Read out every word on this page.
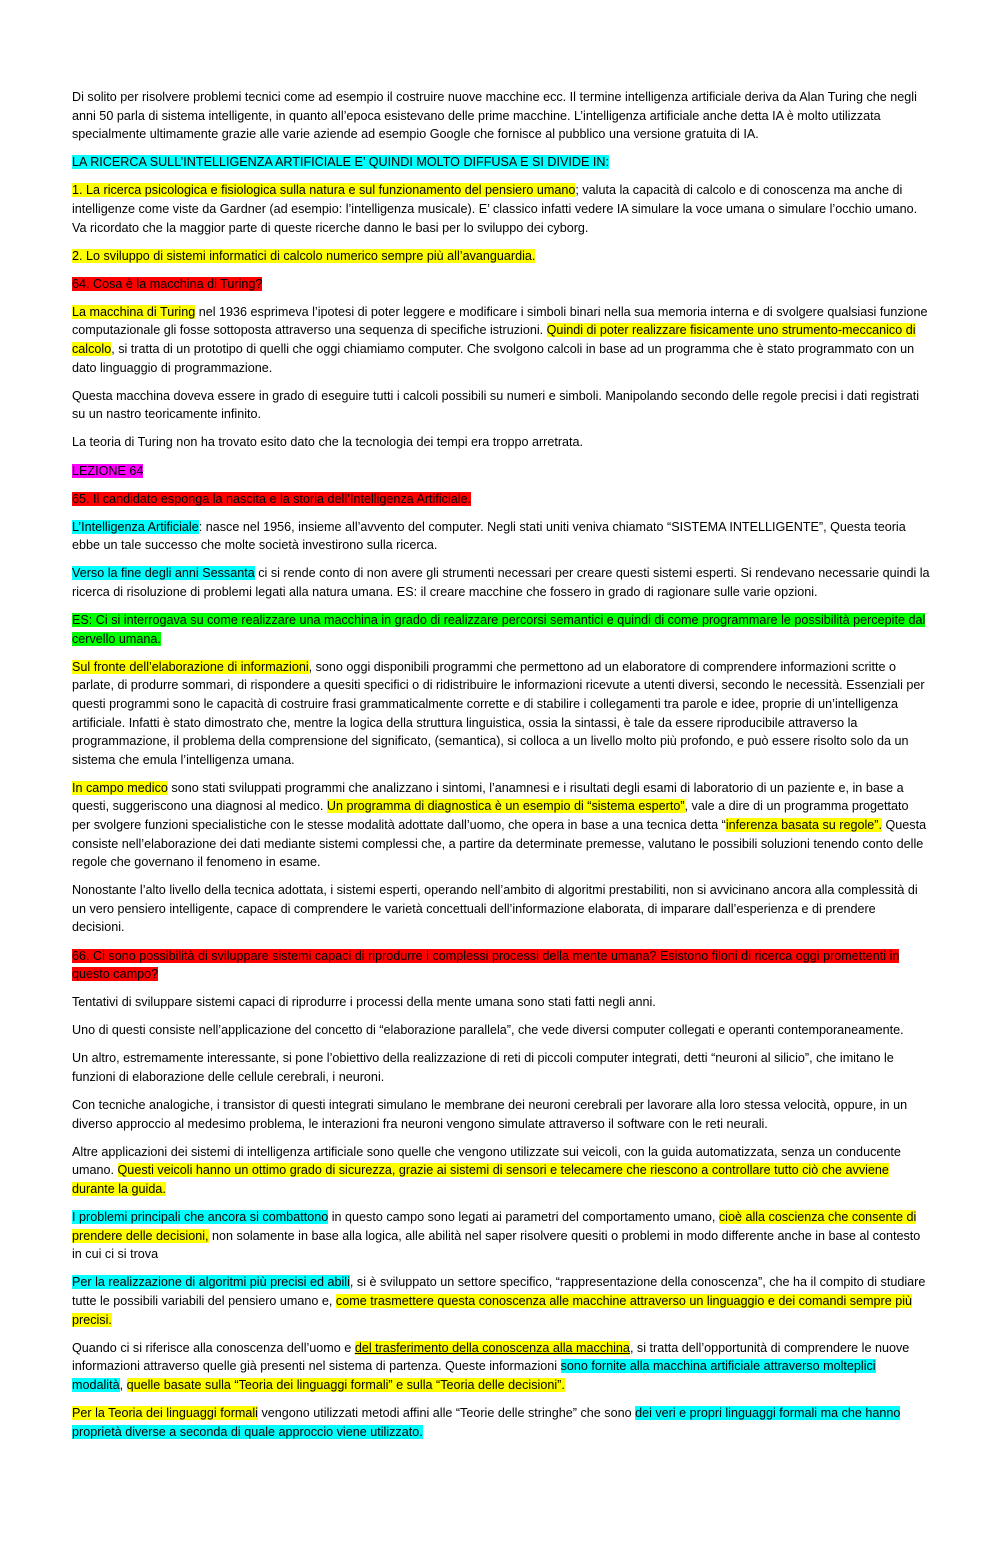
Di solito per risolvere problemi tecnici come ad esempio il costruire nuove macchine ecc. Il termine intelligenza artificiale deriva da Alan Turing che negli anni 50 parla di sistema intelligente, in quanto all’epoca esistevano delle prime macchine. L’intelligenza artificiale anche detta IA è molto utilizzata specialmente ultimamente grazie alle varie aziende ad esempio Google che fornisce al pubblico una versione gratuita di IA.

LA RICERCA SULL’INTELLIGENZA ARTIFICIALE E’ QUINDI MOLTO DIFFUSA E SI DIVIDE IN:

1. La ricerca psicologica e fisiologica sulla natura e sul funzionamento del pensiero umano; valuta la capacità di calcolo e di conoscenza ma anche di intelligenze come viste da Gardner (ad esempio: l’intelligenza musicale). E’ classico infatti vedere IA simulare la voce umana o simulare l’occhio umano. Va ricordato che la maggior parte di queste ricerche danno le basi per lo sviluppo dei cyborg.

2. Lo sviluppo di sistemi informatici di calcolo numerico sempre più all’avanguardia.

64. Cosa è la macchina di Turing?

La macchina di Turing nel 1936 esprimeva l’ipotesi di poter leggere e modificare i simboli binari nella sua memoria interna e di svolgere qualsiasi funzione computazionale gli fosse sottoposta attraverso una sequenza di specifiche istruzioni. Quindi di poter realizzare fisicamente uno strumento-meccanico di calcolo, si tratta di un prototipo di quelli che oggi chiamiamo computer. Che svolgono calcoli in base ad un programma che è stato programmato con un dato linguaggio di programmazione.

Questa macchina doveva essere in grado di eseguire tutti i calcoli possibili su numeri e simboli. Manipolando secondo delle regole precisi i dati registrati su un nastro teoricamente infinito.

La teoria di Turing non ha trovato esito dato che la tecnologia dei tempi era troppo arretrata.

LEZIONE 64

65. Il candidato esponga la nascita e la storia dell’Intelligenza Artificiale.

L’Intelligenza Artificiale: nasce nel 1956, insieme all’avvento del computer. Negli stati uniti veniva chiamato “SISTEMA INTELLIGENTE”, Questa teoria ebbe un tale successo che molte società investirono sulla ricerca.

Verso la fine degli anni Sessanta ci si rende conto di non avere gli strumenti necessari per creare questi sistemi esperti. Si rendevano necessarie quindi la ricerca di risoluzione di problemi legati alla natura umana. ES: il creare macchine che fossero in grado di ragionare sulle varie opzioni.

ES: Ci si interrogava su come realizzare una macchina in grado di realizzare percorsi semantici e quindi di come programmare le possibilità percepite dal cervello umana.

Sul fronte dell’elaborazione di informazioni, sono oggi disponibili programmi che permettono ad un elaboratore di comprendere informazioni scritte o parlate, di produrre sommari, di rispondere a quesiti specifici o di ridistribuire le informazioni ricevute a utenti diversi, secondo le necessità. Essenziali per questi programmi sono le capacità di costruire frasi grammaticalmente corrette e di stabilire i collegamenti tra parole e idee, proprie di un’intelligenza artificiale. Infatti è stato dimostrato che, mentre la logica della struttura linguistica, ossia la sintassi, è tale da essere riproducibile attraverso la programmazione, il problema della comprensione del significato, (semantica), si colloca a un livello molto più profondo, e può essere risolto solo da un sistema che emula l’intelligenza umana.

In campo medico sono stati sviluppati programmi che analizzano i sintomi, l’anamnesi e i risultati degli esami di laboratorio di un paziente e, in base a questi, suggeriscono una diagnosi al medico. Un programma di diagnostica è un esempio di “sistema esperto”, vale a dire di un programma progettato per svolgere funzioni specialistiche con le stesse modalità adottate dall’uomo, che opera in base a una tecnica detta “inferenza basata su regole”. Questa consiste nell’elaborazione dei dati mediante sistemi complessi che, a partire da determinate premesse, valutano le possibili soluzioni tenendo conto delle regole che governano il fenomeno in esame.

Nonostante l’alto livello della tecnica adottata, i sistemi esperti, operando nell’ambito di algoritmi prestabiliti, non si avvicinano ancora alla complessità di un vero pensiero intelligente, capace di comprendere le varietà concettuali dell’informazione elaborata, di imparare dall’esperienza e di prendere decisioni.

66. Ci sono possibilità di sviluppare sistemi capaci di riprodurre i complessi processi della mente umana? Esistono filoni di ricerca oggi promettenti in questo campo?

Tentativi di sviluppare sistemi capaci di riprodurre i processi della mente umana sono stati fatti negli anni.

Uno di questi consiste nell’applicazione del concetto di “elaborazione parallela”, che vede diversi computer collegati e operanti contemporaneamente.

Un altro, estremamente interessante, si pone l’obiettivo della realizzazione di reti di piccoli computer integrati, detti “neuroni al silicio”, che imitano le funzioni di elaborazione delle cellule cerebrali, i neuroni.

Con tecniche analogiche, i transistor di questi integrati simulano le membrane dei neuroni cerebrali per lavorare alla loro stessa velocità, oppure, in un diverso approccio al medesimo problema, le interazioni fra neuroni vengono simulate attraverso il software con le reti neurali.

Altre applicazioni dei sistemi di intelligenza artificiale sono quelle che vengono utilizzate sui veicoli, con la guida automatizzata, senza un conducente umano. Questi veicoli hanno un ottimo grado di sicurezza, grazie ai sistemi di sensori e telecamere che riescono a controllare tutto ciò che avviene durante la guida.

I problemi principali che ancora si combattono in questo campo sono legati ai parametri del comportamento umano, cioè alla coscienza che consente di prendere delle decisioni, non solamente in base alla logica, alle abilità nel saper risolvere quesiti o problemi in modo differente anche in base al contesto in cui ci si trova

Per la realizzazione di algoritmi più precisi ed abili, si è sviluppato un settore specifico, “rappresentazione della conoscenza”, che ha il compito di studiare tutte le possibili variabili del pensiero umano e, come trasmettere questa conoscenza alle macchine attraverso un linguaggio e dei comandi sempre più precisi.

Quando ci si riferisce alla conoscenza dell’uomo e del trasferimento della conoscenza alla macchina, si tratta dell’opportunità di comprendere le nuove informazioni attraverso quelle già presenti nel sistema di partenza. Queste informazioni sono fornite alla macchina artificiale attraverso molteplici modalità, quelle basate sulla “Teoria dei linguaggi formali” e sulla “Teoria delle decisioni”.

Per la Teoria dei linguaggi formali vengono utilizzati metodi affini alle “Teorie delle stringhe” che sono dei veri e propri linguaggi formali ma che hanno proprietà diverse a seconda di quale approccio viene utilizzato.
